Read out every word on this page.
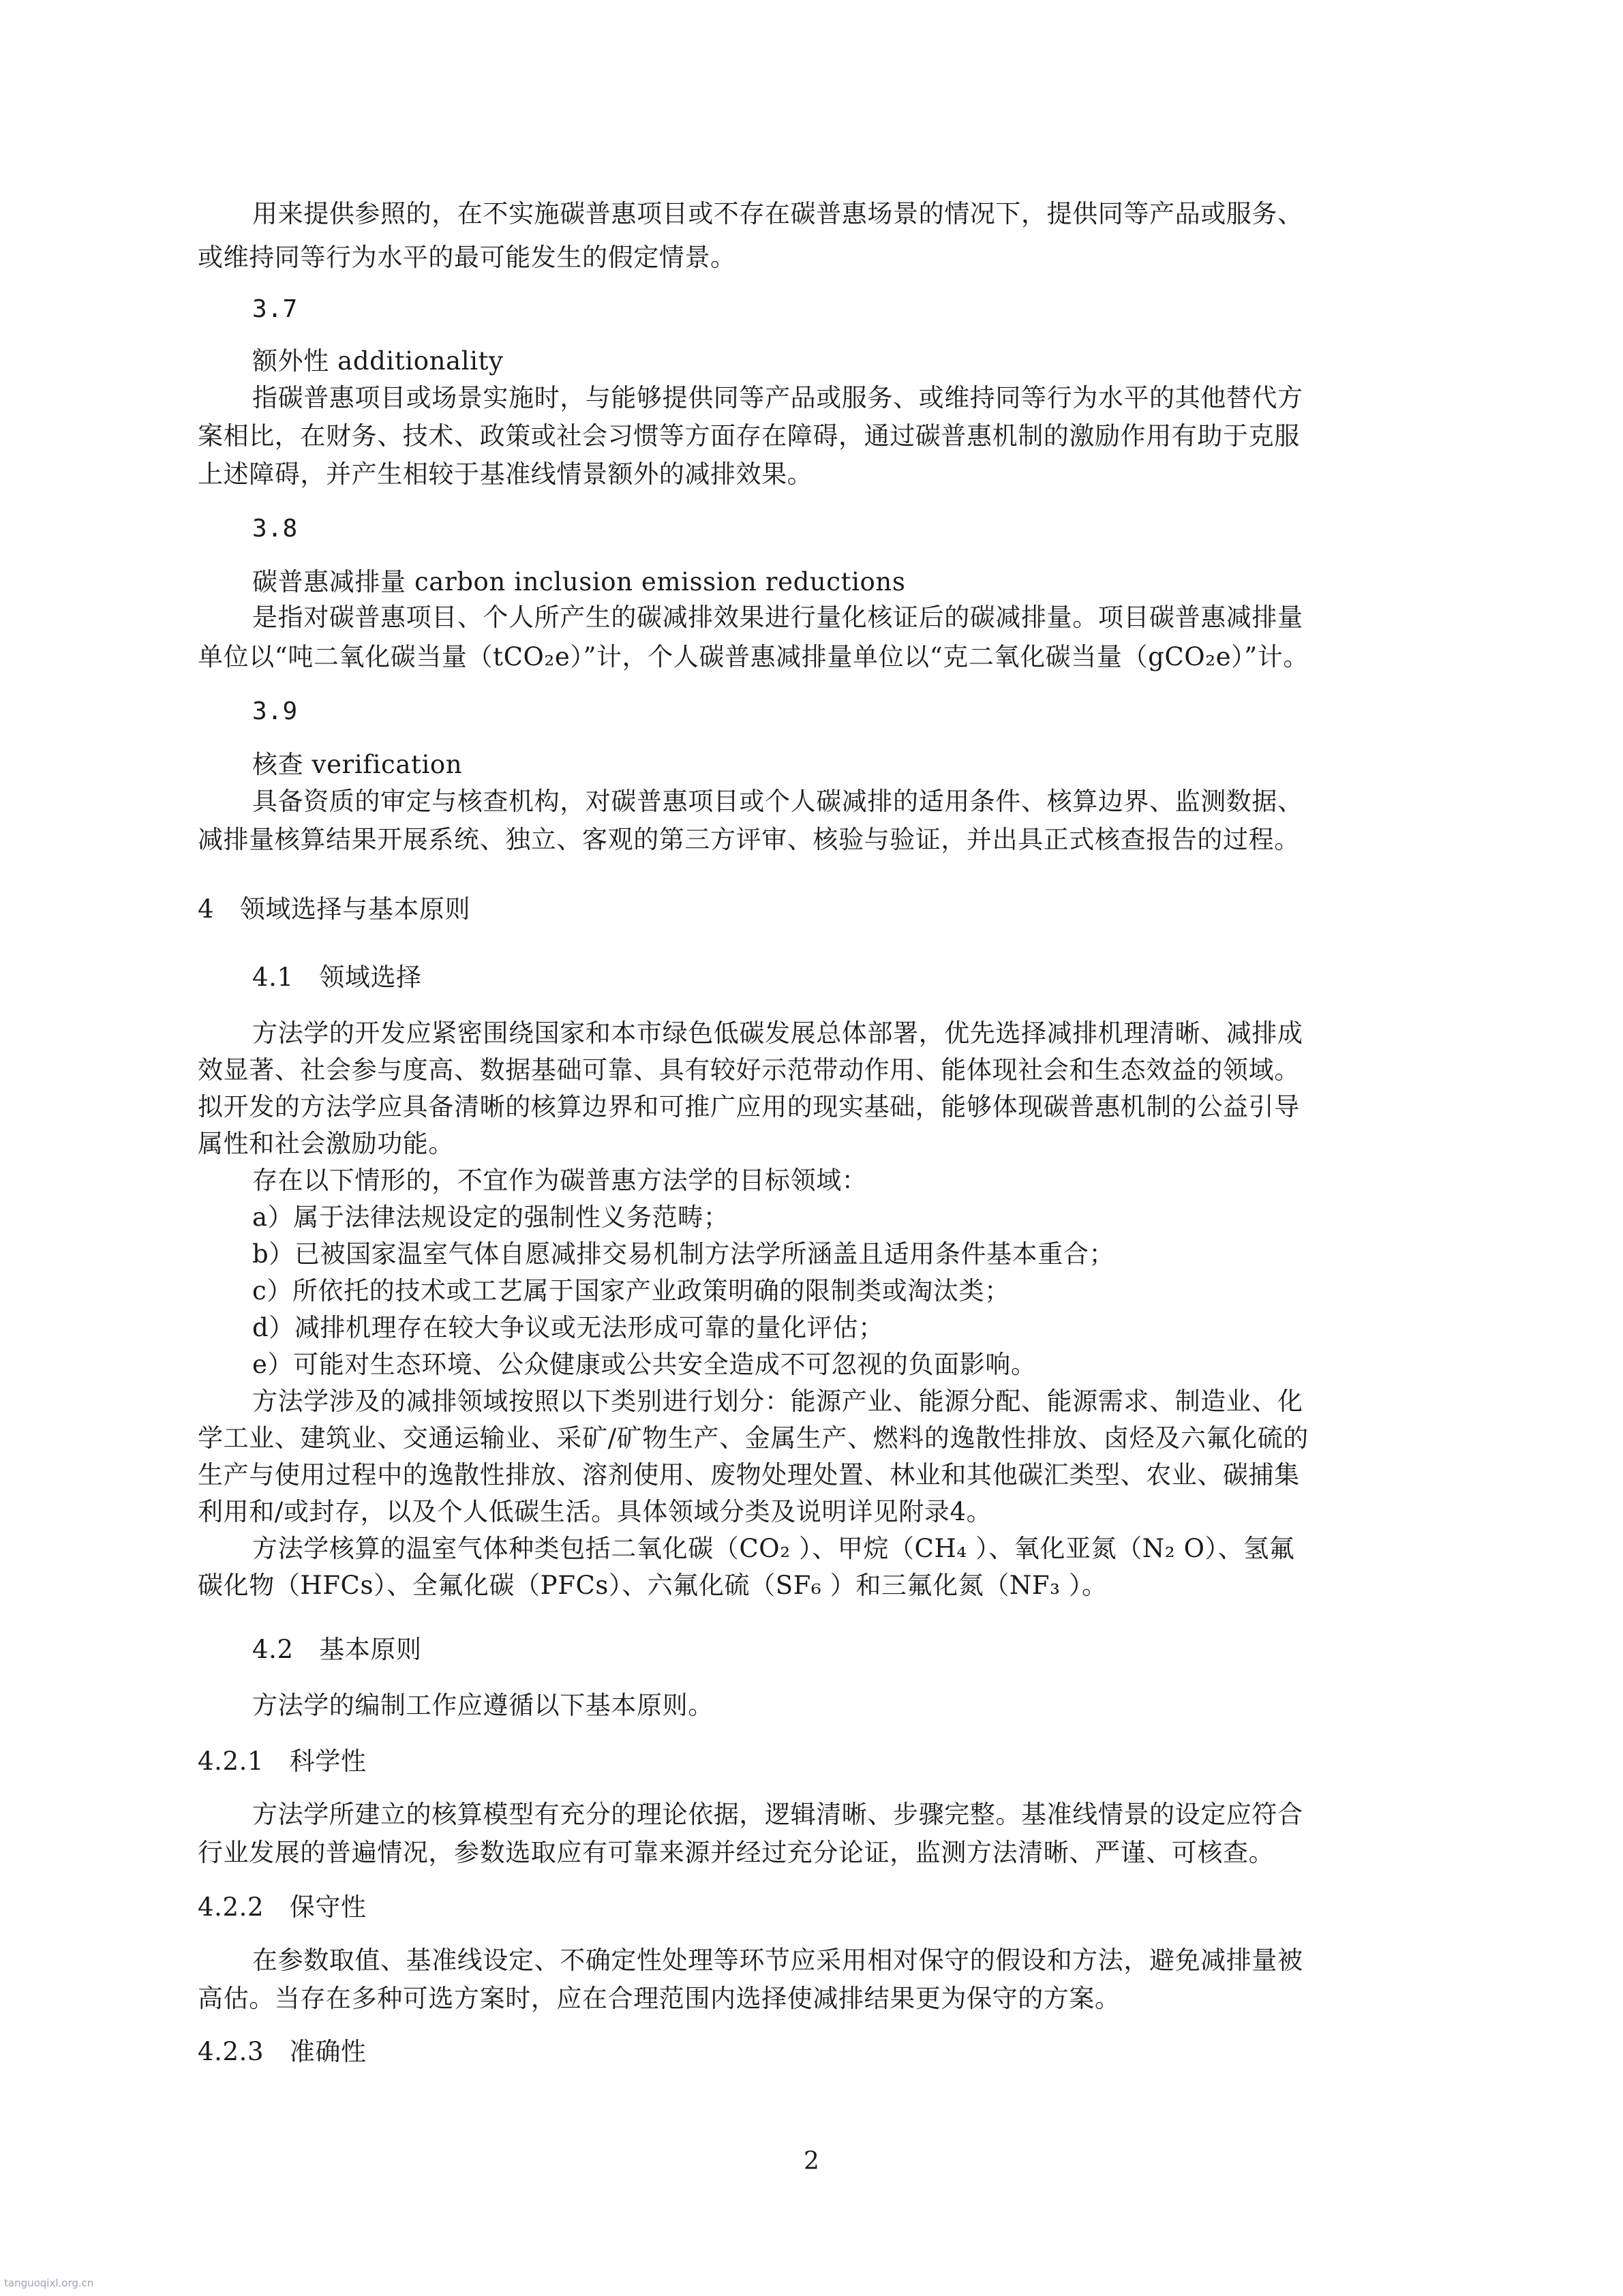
用来提供参照的，在不实施碳普惠项目或不存在碳普惠场景的情况下，提供同等产品或服务、
或维持同等行为水平的最可能发生的假定情景。
3.7
额外性 additionality
指碳普惠项目或场景实施时，与能够提供同等产品或服务、或维持同等行为水平的其他替代方
案相比，在财务、技术、政策或社会习惯等方面存在障碍，通过碳普惠机制的激励作用有助于克服
上述障碍，并产生相较于基准线情景额外的减排效果。
3.8
碳普惠减排量 carbon inclusion emission reductions
是指对碳普惠项目、个人所产生的碳减排效果进行量化核证后的碳减排量。项目碳普惠减排量
单位以“吨二氧化碳当量（tCO₂e）”计，个人碳普惠减排量单位以“克二氧化碳当量（gCO₂e）”计。
3.9
核查 verification
具备资质的审定与核查机构，对碳普惠项目或个人碳减排的适用条件、核算边界、监测数据、
减排量核算结果开展系统、独立、客观的第三方评审、核验与验证，并出具正式核查报告的过程。
4　领域选择与基本原则
4.1　领域选择
方法学的开发应紧密围绕国家和本市绿色低碳发展总体部署，优先选择减排机理清晰、减排成
效显著、社会参与度高、数据基础可靠、具有较好示范带动作用、能体现社会和生态效益的领域。
拟开发的方法学应具备清晰的核算边界和可推广应用的现实基础，能够体现碳普惠机制的公益引导
属性和社会激励功能。
存在以下情形的，不宜作为碳普惠方法学的目标领域：
a）属于法律法规设定的强制性义务范畴；
b）已被国家温室气体自愿减排交易机制方法学所涵盖且适用条件基本重合；
c）所依托的技术或工艺属于国家产业政策明确的限制类或淘汰类；
d）减排机理存在较大争议或无法形成可靠的量化评估；
e）可能对生态环境、公众健康或公共安全造成不可忽视的负面影响。
方法学涉及的减排领域按照以下类别进行划分：能源产业、能源分配、能源需求、制造业、化
学工业、建筑业、交通运输业、采矿/矿物生产、金属生产、燃料的逸散性排放、卤烃及六氟化硫的
生产与使用过程中的逸散性排放、溶剂使用、废物处理处置、林业和其他碳汇类型、农业、碳捕集
利用和/或封存，以及个人低碳生活。具体领域分类及说明详见附录4。
方法学核算的温室气体种类包括二氧化碳（CO₂ ）、甲烷（CH₄ ）、氧化亚氮（N₂ O）、氢氟
碳化物（HFCs）、全氟化碳（PFCs）、六氟化硫（SF₆ ）和三氟化氮（NF₃ ）。
4.2　基本原则
方法学的编制工作应遵循以下基本原则。
4.2.1　科学性
方法学所建立的核算模型有充分的理论依据，逻辑清晰、步骤完整。基准线情景的设定应符合
行业发展的普遍情况，参数选取应有可靠来源并经过充分论证，监测方法清晰、严谨、可核查。
4.2.2　保守性
在参数取值、基准线设定、不确定性处理等环节应采用相对保守的假设和方法，避免减排量被
高估。当存在多种可选方案时，应在合理范围内选择使减排结果更为保守的方案。
4.2.3　准确性
2
tanguoqixl.org.cn
